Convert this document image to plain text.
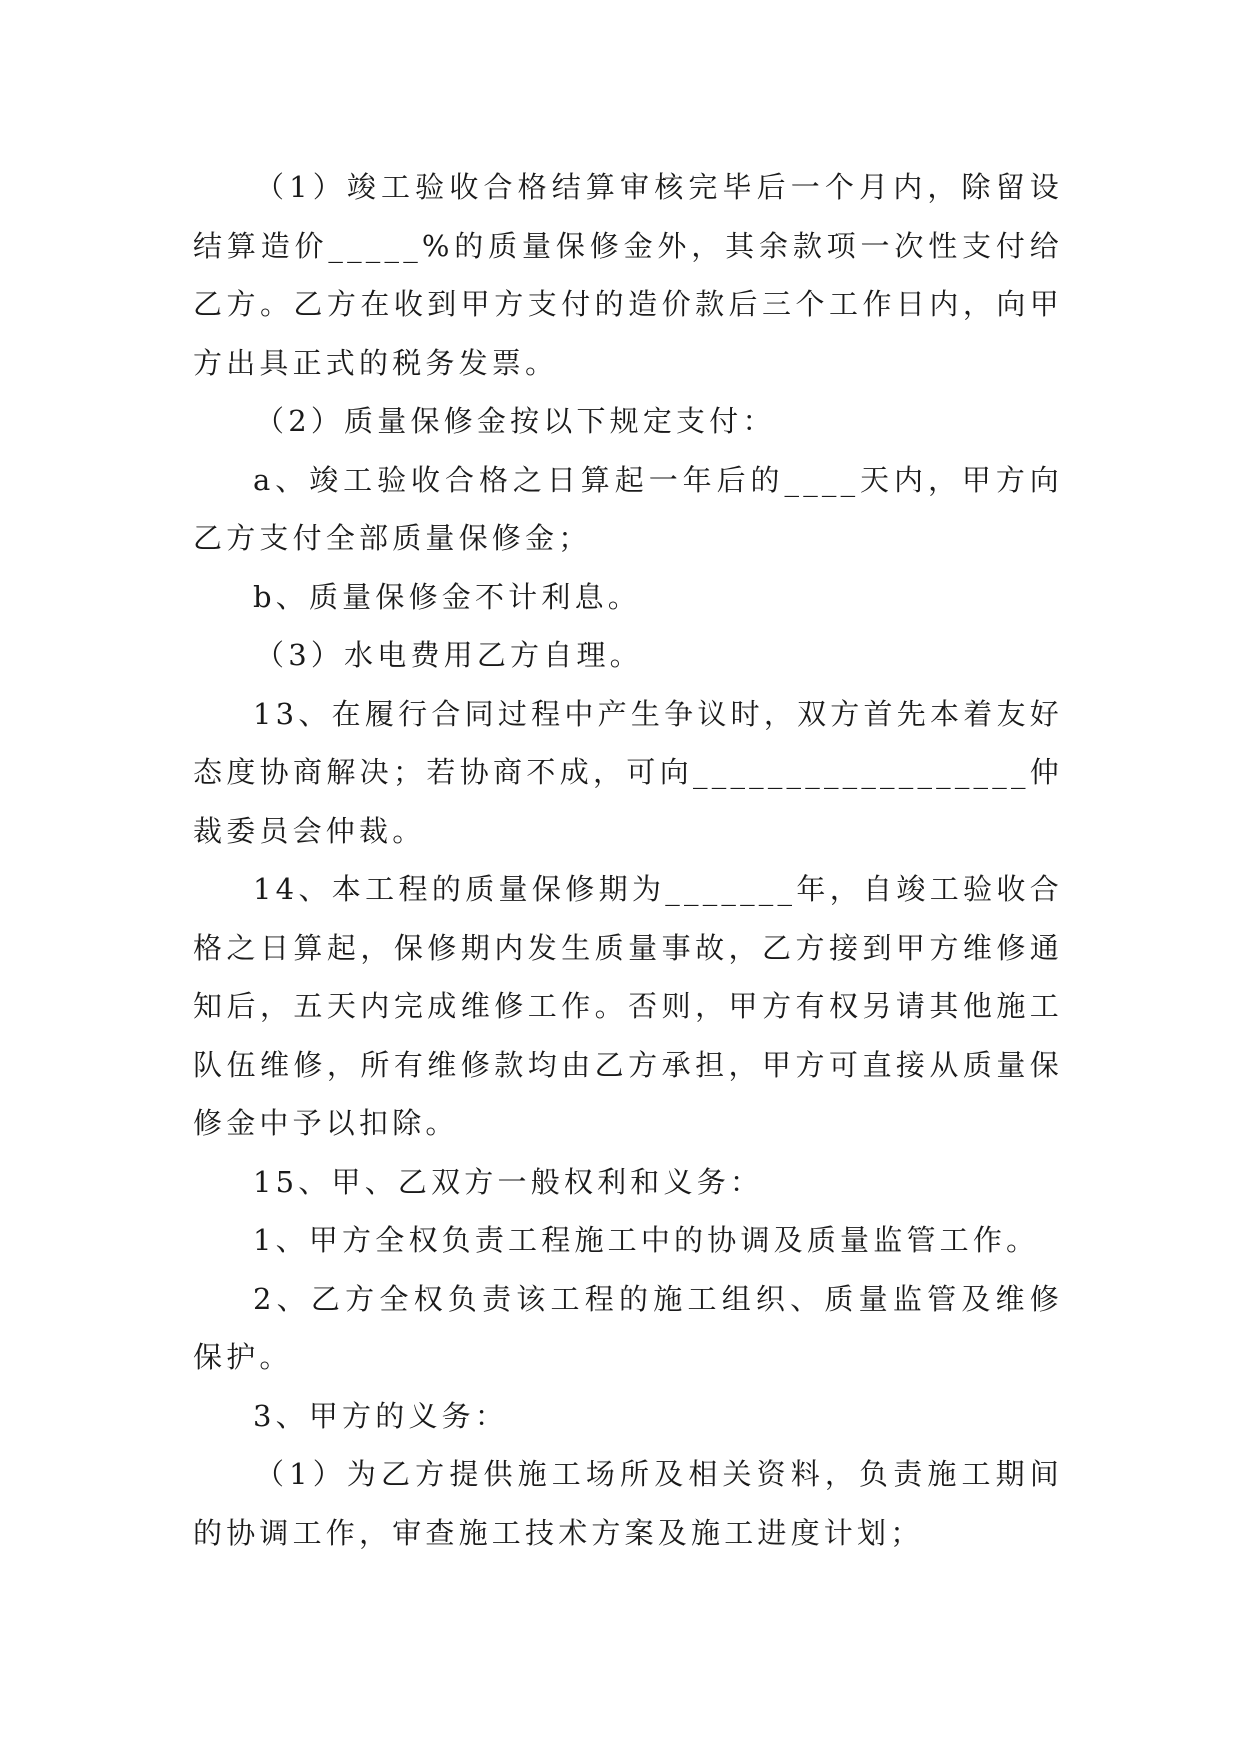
（1）竣工验收合格结算审核完毕后一个月内，除留设结算造价_____%的质量保修金外，其余款项一次性支付给乙方。乙方在收到甲方支付的造价款后三个工作日内，向甲方出具正式的税务发票。

（2）质量保修金按以下规定支付：

a、竣工验收合格之日算起一年后的____天内，甲方向乙方支付全部质量保修金；

b、质量保修金不计利息。

（3）水电费用乙方自理。

13、在履行合同过程中产生争议时，双方首先本着友好态度协商解决；若协商不成，可向__________________仲裁委员会仲裁。

14、本工程的质量保修期为_______年，自竣工验收合格之日算起，保修期内发生质量事故，乙方接到甲方维修通知后，五天内完成维修工作。否则，甲方有权另请其他施工队伍维修，所有维修款均由乙方承担，甲方可直接从质量保修金中予以扣除。

15、甲、乙双方一般权利和义务：

1、甲方全权负责工程施工中的协调及质量监管工作。

2、乙方全权负责该工程的施工组织、质量监管及维修保护。

3、甲方的义务：

（1）为乙方提供施工场所及相关资料，负责施工期间的协调工作，审查施工技术方案及施工进度计划；
